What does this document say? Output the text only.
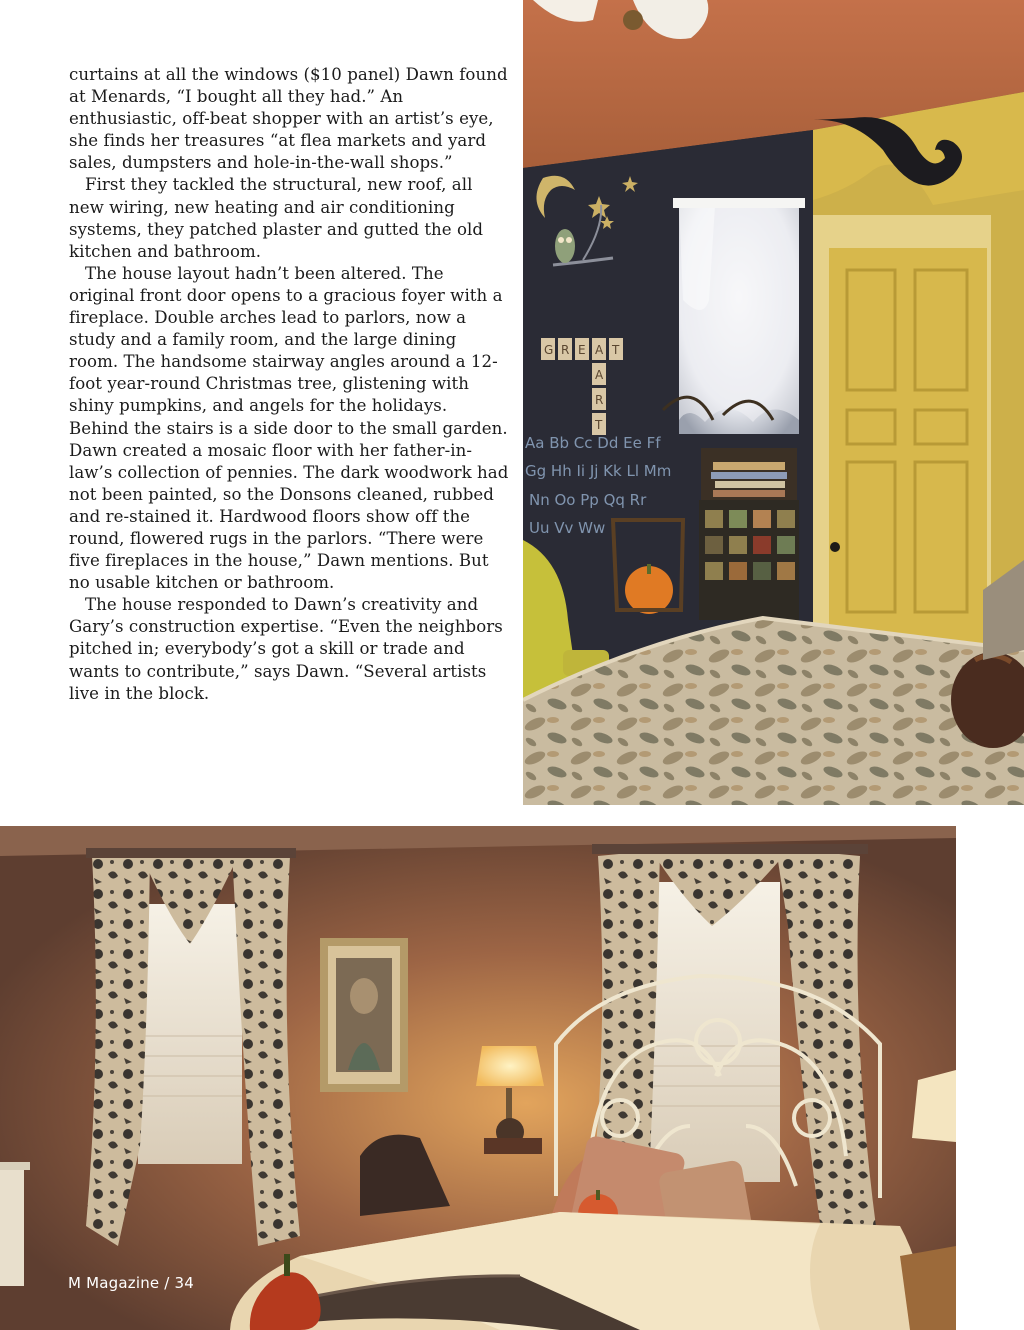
curtains at all the windows ($10 panel) Dawn found at Menards, “I bought all they had.” An enthusiastic, off-beat shopper with an artist’s eye, she finds her treasures “at flea markets and yard sales, dumpsters and hole-in-the-wall shops.”

First they tackled the structural, new roof, all new wiring, new heating and air conditioning systems, they patched plaster and gutted the old kitchen and bathroom.

The house layout hadn’t been altered. The original front door opens to a gracious foyer with a fireplace. Double arches lead to parlors, now a study and a family room, and the large dining room. The handsome stairway angles around a 12-foot year-round Christmas tree, glistening with shiny pumpkins, and angels for the holidays. Behind the stairs is a side door to the small garden. Dawn created a mosaic floor with her father-in-law’s collection of pennies. The dark woodwork had not been painted, so the Donsons cleaned, rubbed and re-stained it. Hardwood floors show off the round, flowered rugs in the parlors. “There were five fireplaces in the house,” Dawn mentions. But no usable kitchen or bathroom.

The house responded to Dawn’s creativity and Gary’s construction expertise. “Even the neighbors pitched in; everybody’s got a skill or trade and wants to contribute,” says Dawn. “Several artists live in the block.

G R E A T
A
R
T
Aa Bb Cc Dd Ee Ff
Gg Hh Ii Jj Kk Ll Mm
Nn Oo Pp Qq Rr
Uu Vv Ww
M Magazine / 34
